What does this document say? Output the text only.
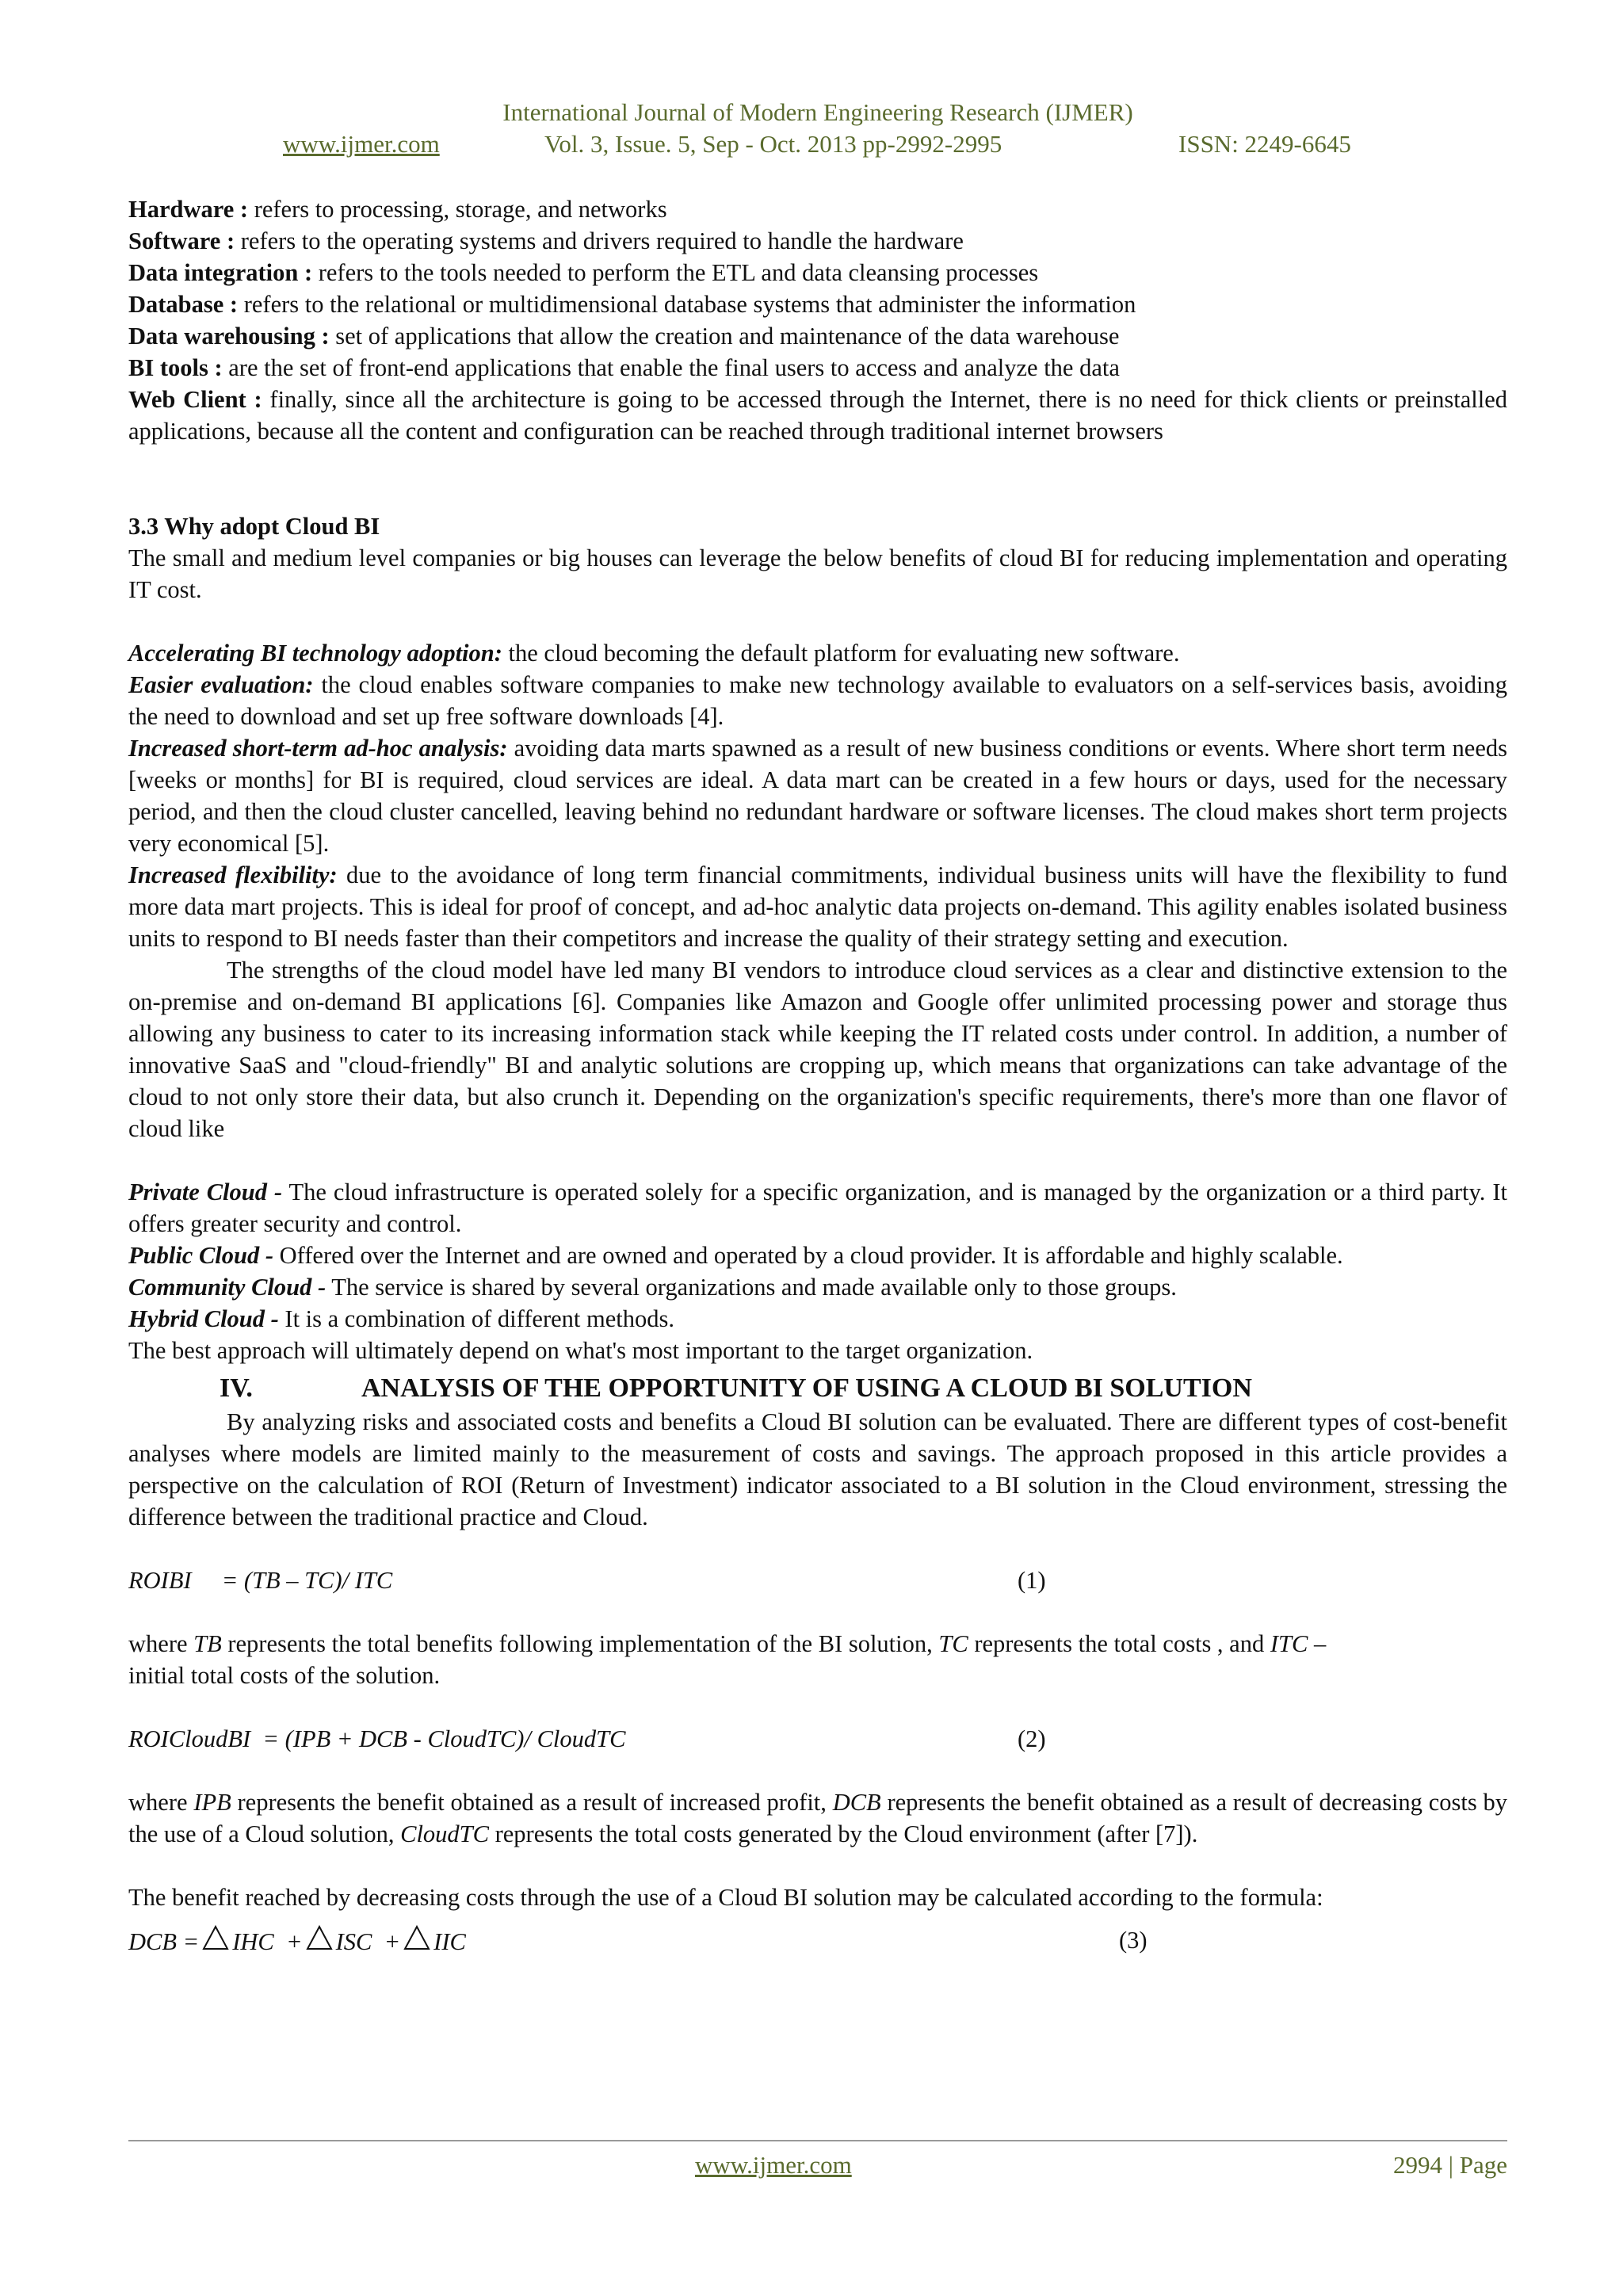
International Journal of Modern Engineering Research (IJMER)
www.ijmer.com	Vol. 3, Issue. 5, Sep - Oct. 2013 pp-2992-2995	ISSN: 2249-6645

Hardware : refers to processing, storage, and networks

Software : refers to the operating systems and drivers required to handle the hardware

Data integration : refers to the tools needed to perform the ETL and data cleansing processes

Database : refers to the relational or multidimensional database systems that administer the information

Data warehousing : set of applications that allow the creation and maintenance of the data warehouse

BI tools : are the set of front-end applications that enable the final users to access and analyze the data

Web Client : finally, since all the architecture is going to be accessed through the Internet, there is no need for thick clients or preinstalled applications, because all the content and configuration can be reached through traditional internet browsers

3.3 Why adopt Cloud BI

The small and medium level companies or big houses can leverage the below benefits of cloud BI for reducing implementation and operating IT cost.

Accelerating BI technology adoption: the cloud becoming the default platform for evaluating new software.

Easier evaluation: the cloud enables software companies to make new technology available to evaluators on a self-services basis, avoiding the need to download and set up free software downloads [4].

Increased short-term ad-hoc analysis: avoiding data marts spawned as a result of new business conditions or events. Where short term needs [weeks or months] for BI is required, cloud services are ideal. A data mart can be created in a few hours or days, used for the necessary period, and then the cloud cluster cancelled, leaving behind no redundant hardware or software licenses. The cloud makes short term projects very economical [5].

Increased flexibility: due to the avoidance of long term financial commitments, individual business units will have the flexibility to fund more data mart projects. This is ideal for proof of concept, and ad-hoc analytic data projects on-demand. This agility enables isolated business units to respond to BI needs faster than their competitors and increase the quality of their strategy setting and execution.

The strengths of the cloud model have led many BI vendors to introduce cloud services as a clear and distinctive extension to the on-premise and on-demand BI applications [6]. Companies like Amazon and Google offer unlimited processing power and storage thus allowing any business to cater to its increasing information stack while keeping the IT related costs under control. In addition, a number of innovative SaaS and "cloud-friendly" BI and analytic solutions are cropping up, which means that organizations can take advantage of the cloud to not only store their data, but also crunch it. Depending on the organization's specific requirements, there's more than one flavor of cloud like

Private Cloud - The cloud infrastructure is operated solely for a specific organization, and is managed by the organization or a third party. It offers greater security and control.

Public Cloud - Offered over the Internet and are owned and operated by a cloud provider. It is affordable and highly scalable.

Community Cloud - The service is shared by several organizations and made available only to those groups.

Hybrid Cloud - It is a combination of different methods.

The best approach will ultimately depend on what's most important to the target organization.

IV.	ANALYSIS OF THE OPPORTUNITY OF USING A CLOUD BI SOLUTION

By analyzing risks and associated costs and benefits a Cloud BI solution can be evaluated. There are different types of cost-benefit analyses where models are limited mainly to the measurement of costs and savings. The approach proposed in this article provides a perspective on the calculation of ROI (Return of Investment) indicator associated to a BI solution in the Cloud environment, stressing the difference between the traditional practice and Cloud.

ROIBI     = (TB – TC)/ ITC	(1)

where TB represents the total benefits following implementation of the BI solution, TC represents the total costs , and ITC –
initial total costs of the solution.

ROICloudBI  = (IPB + DCB - CloudTC)/ CloudTC	(2)

where IPB represents the benefit obtained as a result of increased profit, DCB represents the benefit obtained as a result of decreasing costs by the use of a Cloud solution, CloudTC represents the total costs generated by the Cloud environment (after [7]).

The benefit reached by decreasing costs through the use of a Cloud BI solution may be calculated according to the formula:

DCB = IHC  + ISC  + IIC	(3)
www.ijmer.com	2994 | Page
